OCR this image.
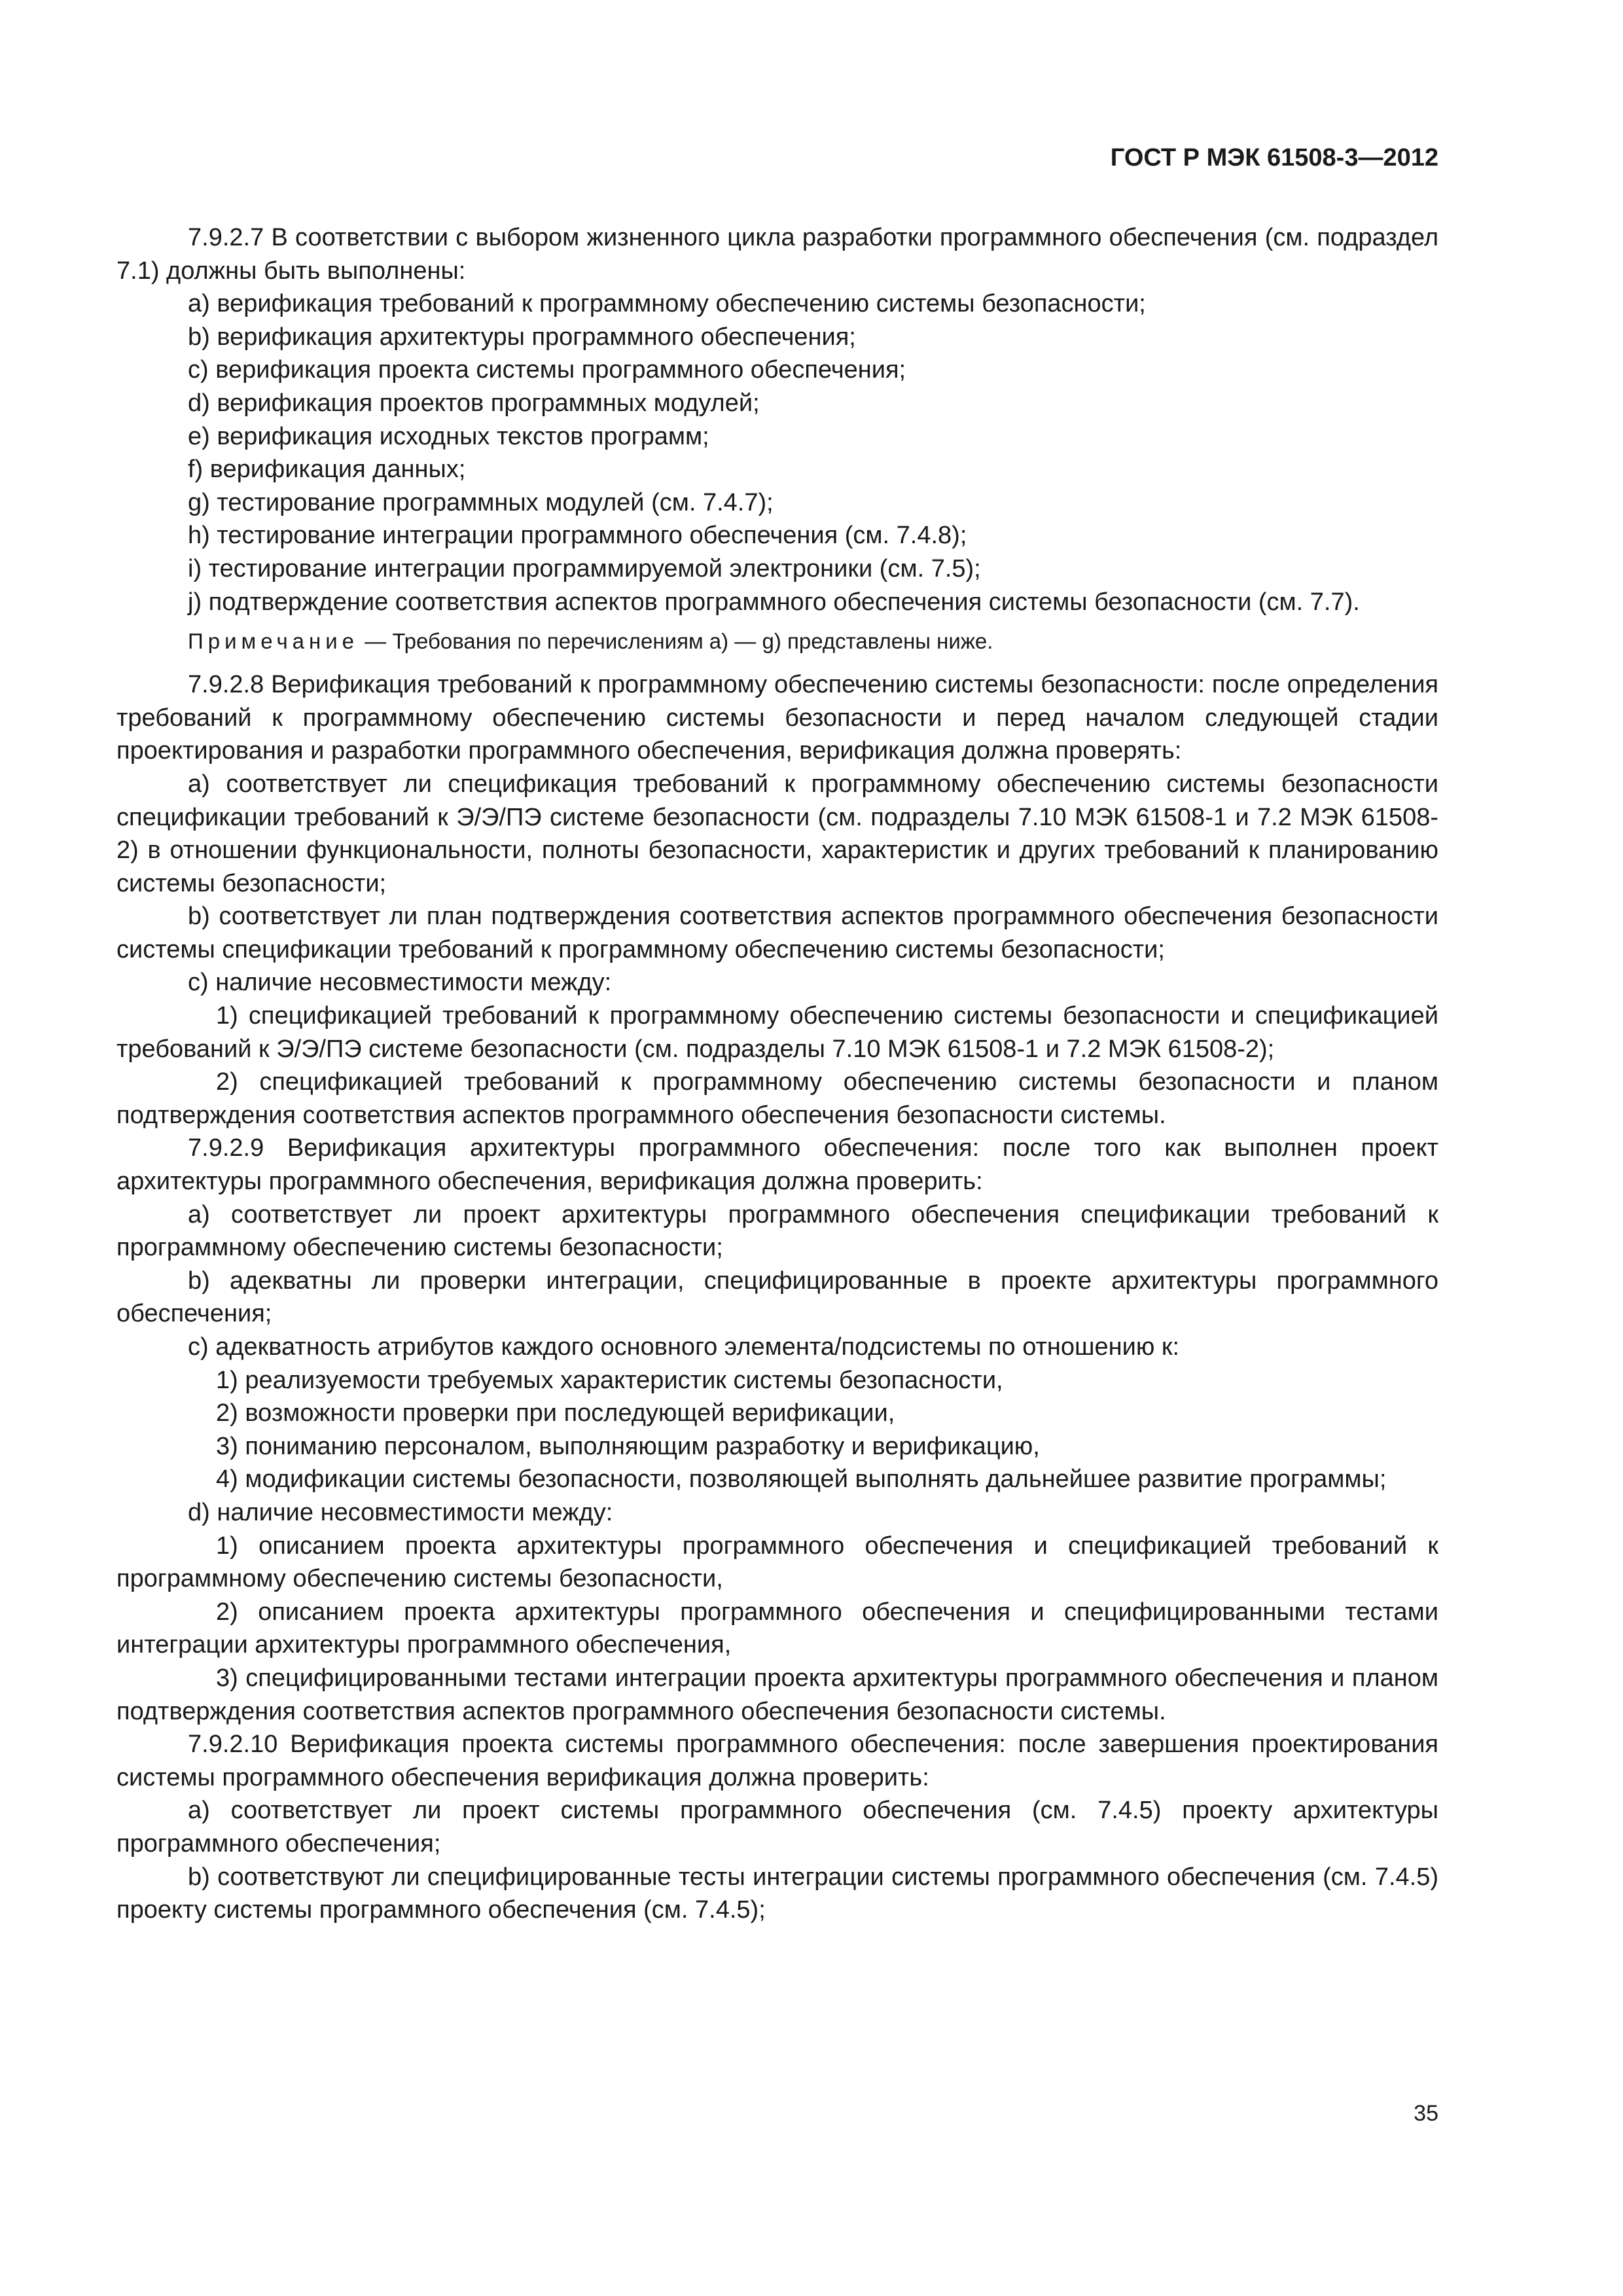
ГОСТ Р МЭК 61508-3—2012

7.9.2.7 В соответствии с выбором жизненного цикла разработки программного обеспечения (см. подраздел 7.1) должны быть выполнены:

a) верификация требований к программному обеспечению системы безопасности;

b) верификация архитектуры программного обеспечения;

c) верификация проекта системы программного обеспечения;

d) верификация проектов программных модулей;

e) верификация исходных текстов программ;

f) верификация данных;

g) тестирование программных модулей (см. 7.4.7);

h) тестирование интеграции программного обеспечения (см. 7.4.8);

i) тестирование интеграции программируемой электроники (см. 7.5);

j) подтверждение соответствия аспектов программного обеспечения системы безопасности (см. 7.7).

Примечание — Требования по перечислениям a) — g) представлены ниже.

7.9.2.8 Верификация требований к программному обеспечению системы безопасности: после определения требований к программному обеспечению системы безопасности и перед началом следующей стадии проектирования и разработки программного обеспечения, верификация должна проверять:

a) соответствует ли спецификация требований к программному обеспечению системы безопасности спецификации требований к Э/Э/ПЭ системе безопасности (см. подразделы 7.10 МЭК 61508-1 и 7.2 МЭК 61508-2) в отношении функциональности, полноты безопасности, характеристик и других требований к планированию системы безопасности;

b) соответствует ли план подтверждения соответствия аспектов программного обеспечения безопасности системы спецификации требований к программному обеспечению системы безопасности;

c) наличие несовместимости между:

1) спецификацией требований к программному обеспечению системы безопасности и спецификацией требований к Э/Э/ПЭ системе безопасности (см. подразделы 7.10 МЭК 61508-1 и 7.2 МЭК 61508-2);

2) спецификацией требований к программному обеспечению системы безопасности и планом подтверждения соответствия аспектов программного обеспечения безопасности системы.

7.9.2.9 Верификация архитектуры программного обеспечения: после того как выполнен проект архитектуры программного обеспечения, верификация должна проверить:

a) соответствует ли проект архитектуры программного обеспечения спецификации требований к программному обеспечению системы безопасности;

b) адекватны ли проверки интеграции, специфицированные в проекте архитектуры программного обеспечения;

c) адекватность атрибутов каждого основного элемента/подсистемы по отношению к:

1) реализуемости требуемых характеристик системы безопасности,

2) возможности проверки при последующей верификации,

3) пониманию персоналом, выполняющим разработку и верификацию,

4) модификации системы безопасности, позволяющей выполнять дальнейшее развитие программы;

d) наличие несовместимости между:

1) описанием проекта архитектуры программного обеспечения и спецификацией требований к программному обеспечению системы безопасности,

2) описанием проекта архитектуры программного обеспечения и специфицированными тестами интеграции архитектуры программного обеспечения,

3) специфицированными тестами интеграции проекта архитектуры программного обеспечения и планом подтверждения соответствия аспектов программного обеспечения безопасности системы.

7.9.2.10 Верификация проекта системы программного обеспечения: после завершения проектирования системы программного обеспечения верификация должна проверить:

a) соответствует ли проект системы программного обеспечения (см. 7.4.5) проекту архитектуры программного обеспечения;

b) соответствуют ли специфицированные тесты интеграции системы программного обеспечения (см. 7.4.5) проекту системы программного обеспечения (см. 7.4.5);

35
